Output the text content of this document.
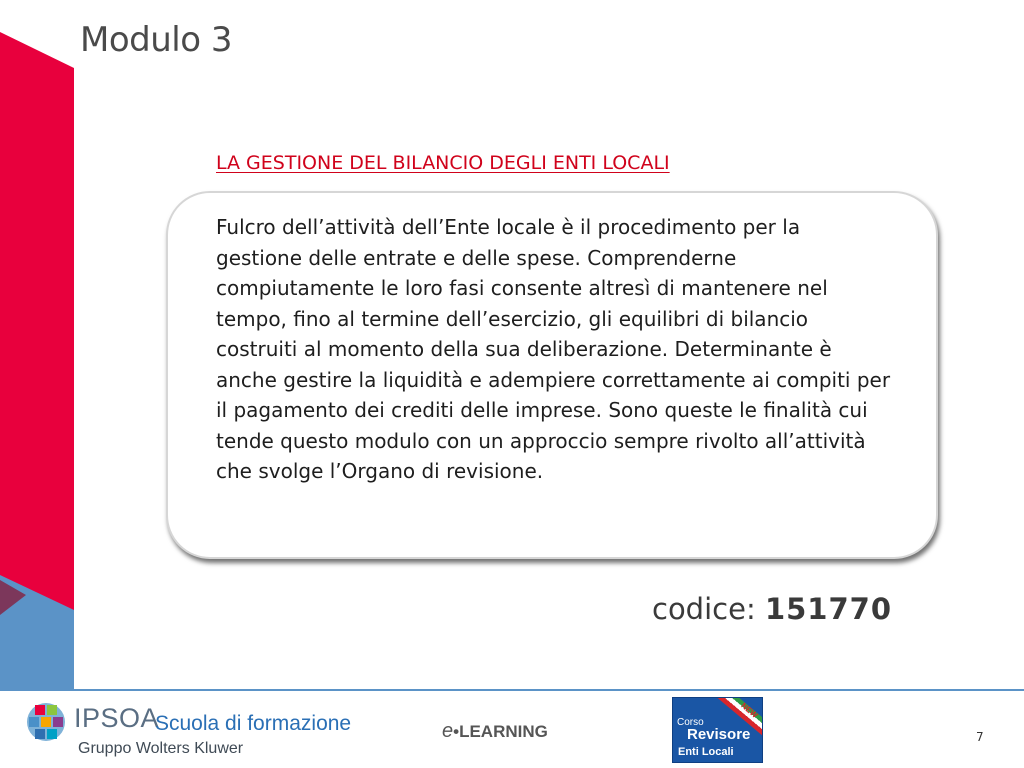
Modulo 3
LA GESTIONE DEL BILANCIO DEGLI ENTI LOCALI
Fulcro dell’attività dell’Ente locale è il procedimento per la gestione delle entrate e delle spese. Comprenderne compiutamente le loro fasi consente altresì di mantenere nel tempo, fino al termine dell’esercizio, gli equilibri di bilancio costruiti al momento della sua deliberazione. Determinante è anche gestire la liquidità e adempiere correttamente ai compiti per il pagamento dei crediti delle imprese. Sono queste le finalità cui tende questo modulo con un approccio sempre rivolto all’attività che svolge l’Organo di revisione.
codice: 151770
IPSOA
Scuola di formazione
Gruppo Wolters Kluwer
e•LEARNING
NEW
Corso
Revisore
Enti Locali
7
